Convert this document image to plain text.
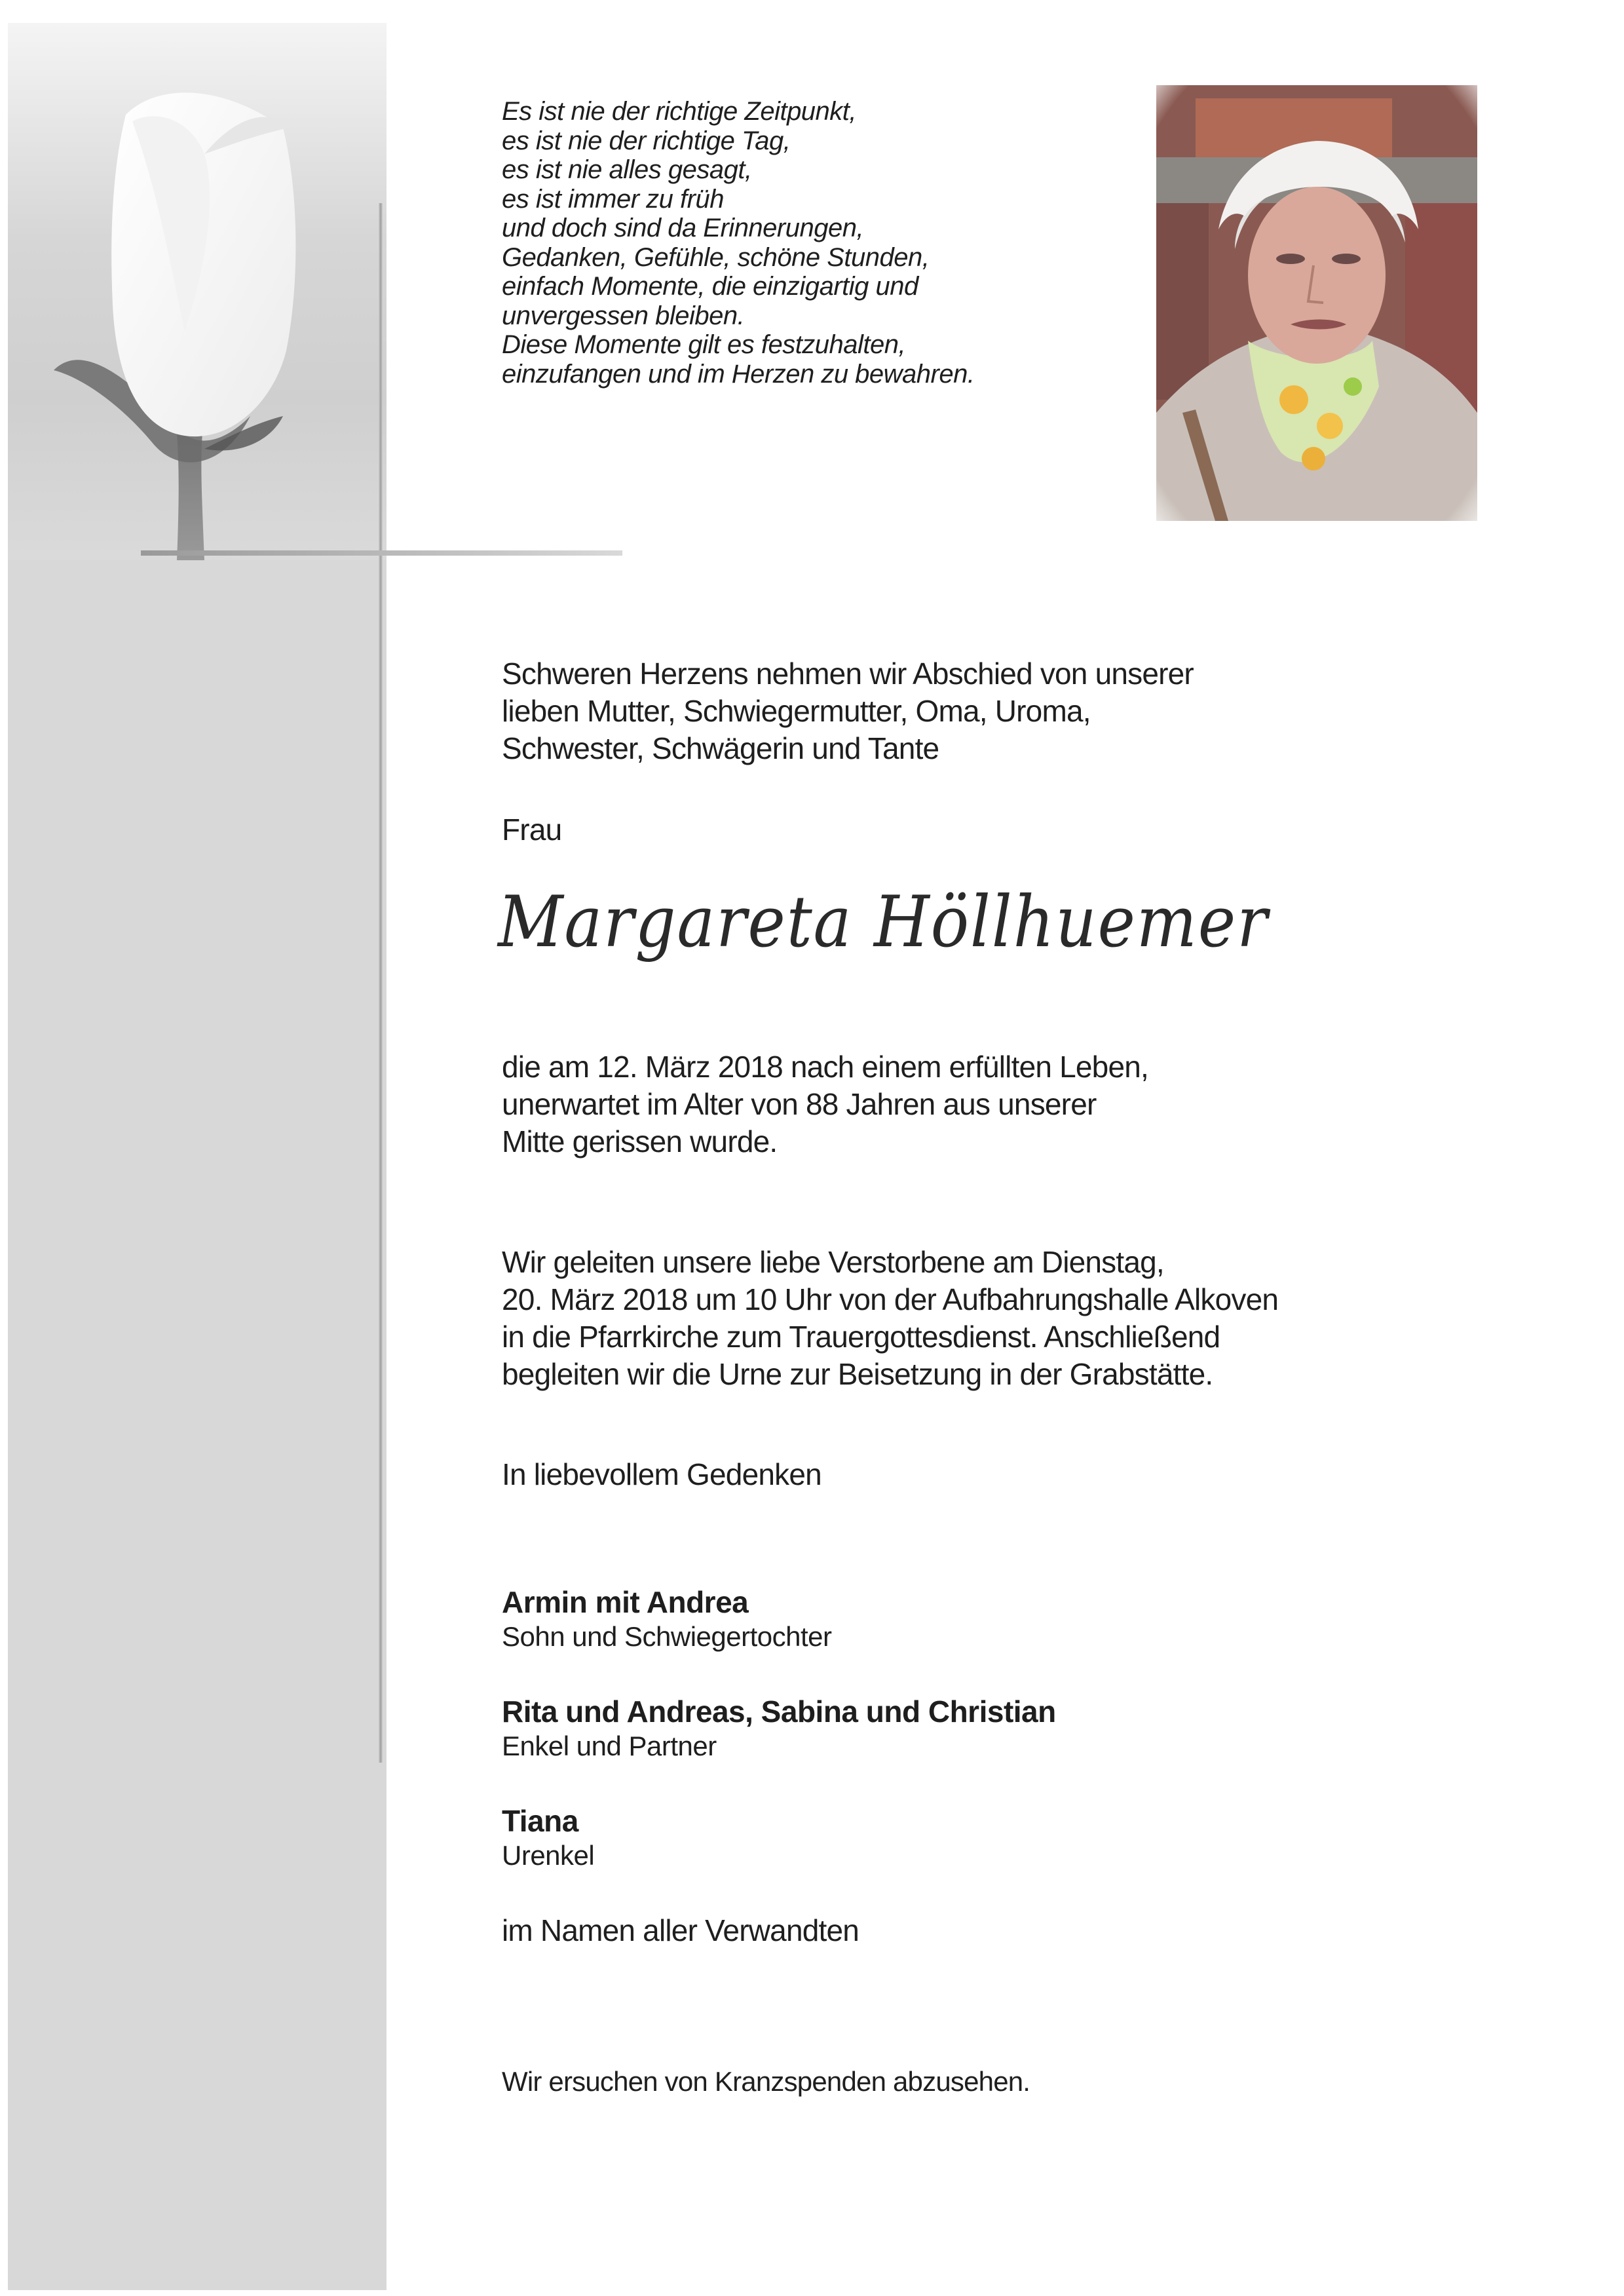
Es ist nie der richtige Zeitpunkt,
es ist nie der richtige Tag,
es ist nie alles gesagt,
es ist immer zu früh
und doch sind da Erinnerungen,
Gedanken, Gefühle, schöne Stunden,
einfach Momente, die einzigartig und
unvergessen bleiben.
Diese Momente gilt es festzuhalten,
einzufangen und im Herzen zu bewahren.
Schweren Herzens nehmen wir Abschied von unserer
lieben Mutter, Schwiegermutter, Oma, Uroma,
Schwester, Schwägerin und Tante
Frau
Margareta Höllhuemer
die am 12. März 2018 nach einem erfüllten Leben,
unerwartet im Alter von 88 Jahren aus unserer
Mitte gerissen wurde.
Wir geleiten unsere liebe Verstorbene am Dienstag,
20. März 2018 um 10 Uhr von der Aufbahrungshalle Alkoven
in die Pfarrkirche zum Trauergottesdienst. Anschließend
begleiten wir die Urne zur Beisetzung in der Grabstätte.
In liebevollem Gedenken
Armin mit Andrea
Sohn und Schwiegertochter
Rita und Andreas, Sabina und Christian
Enkel und Partner
Tiana
Urenkel
im Namen aller Verwandten
Wir ersuchen von Kranzspenden abzusehen.
